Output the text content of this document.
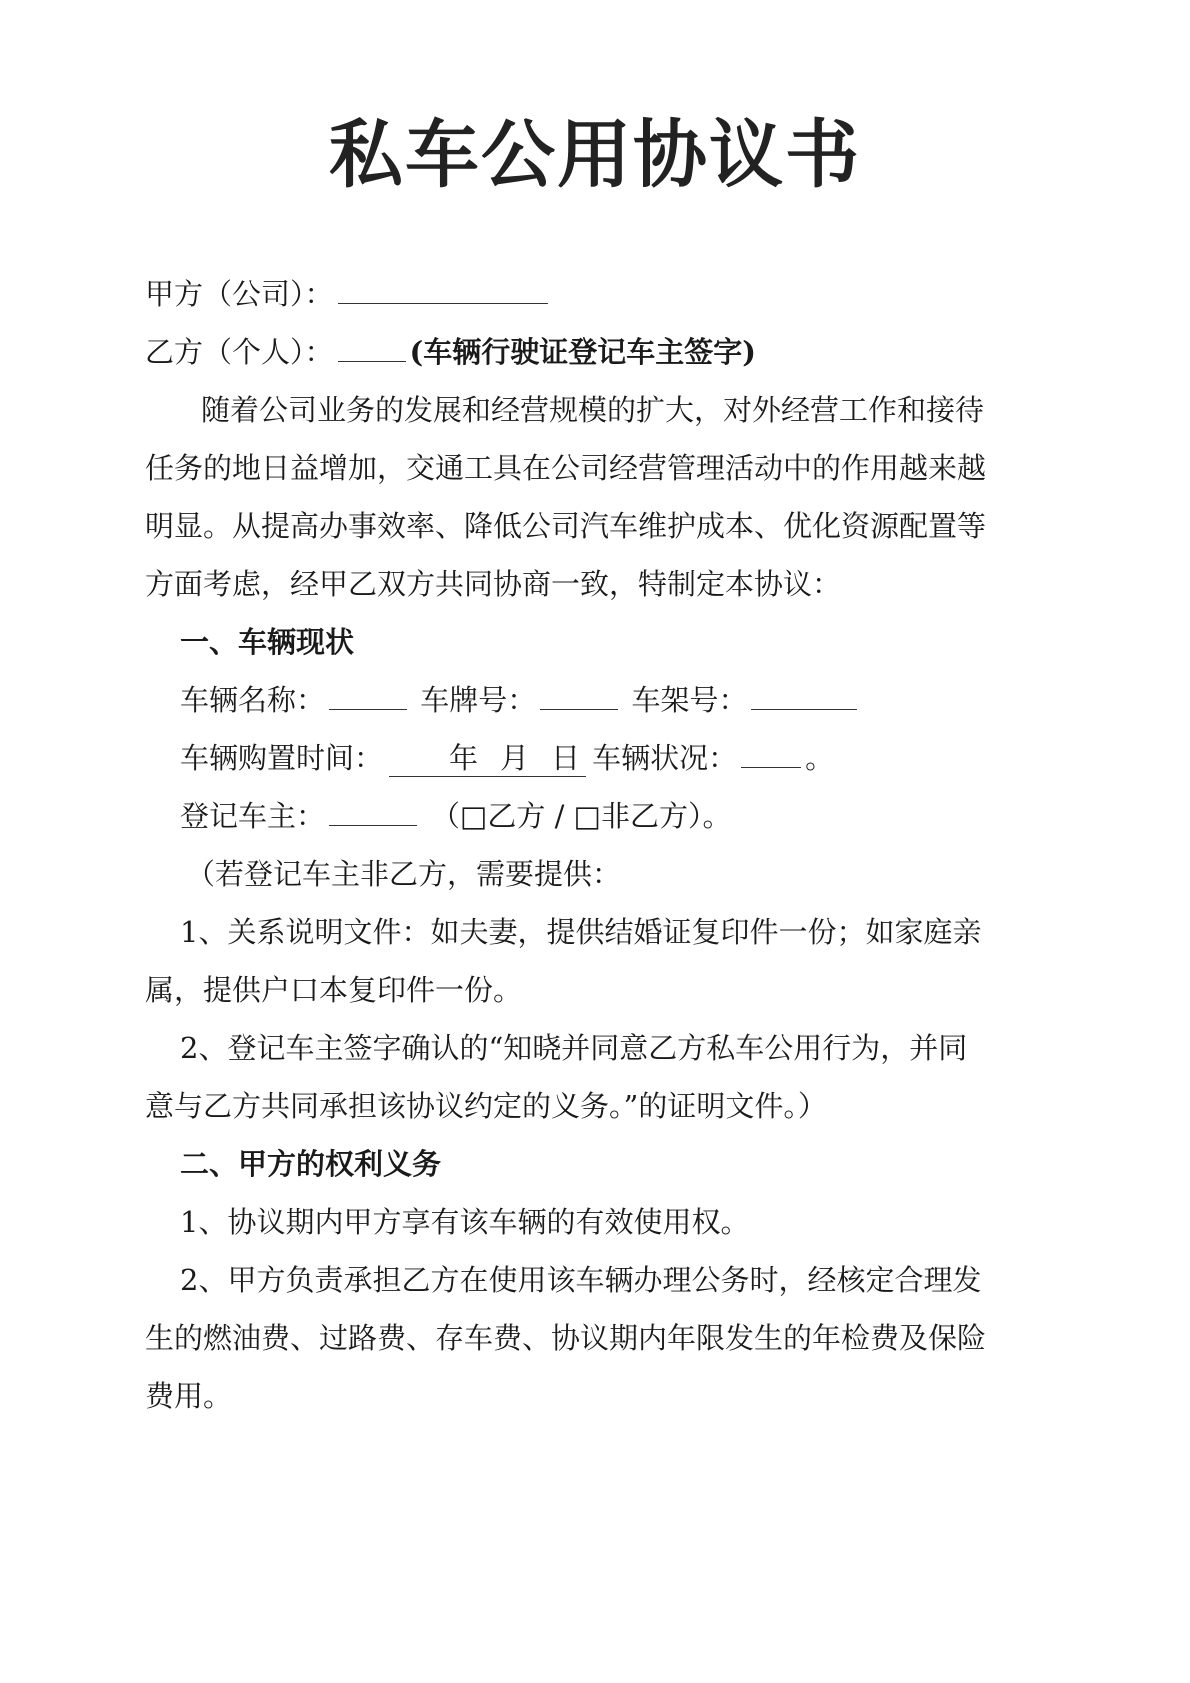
私车公用协议书
甲方（公司）：
乙方（个人）：	(车辆行驶证登记车主签字)
随着公司业务的发展和经营规模的扩大，对外经营工作和接待
任务的地日益增加，交通工具在公司经营管理活动中的作用越来越
明显。从提高办事效率、降低公司汽车维护成本、优化资源配置等
方面考虑，经甲乙双方共同协商一致，特制定本协议：
一、车辆现状
车辆名称：	车牌号：	车架号：
车辆购置时间： 年 月 日 车辆状况： 。
登记车主：	（□乙方 / □非乙方）。
（若登记车主非乙方，需要提供：
1、关系说明文件：如夫妻，提供结婚证复印件一份；如家庭亲
属，提供户口本复印件一份。
2、登记车主签字确认的“知晓并同意乙方私车公用行为，并同
意与乙方共同承担该协议约定的义务。”的证明文件。）
二、甲方的权利义务
1、协议期内甲方享有该车辆的有效使用权。
2、甲方负责承担乙方在使用该车辆办理公务时，经核定合理发
生的燃油费、过路费、存车费、协议期内年限发生的年检费及保险
费用。
